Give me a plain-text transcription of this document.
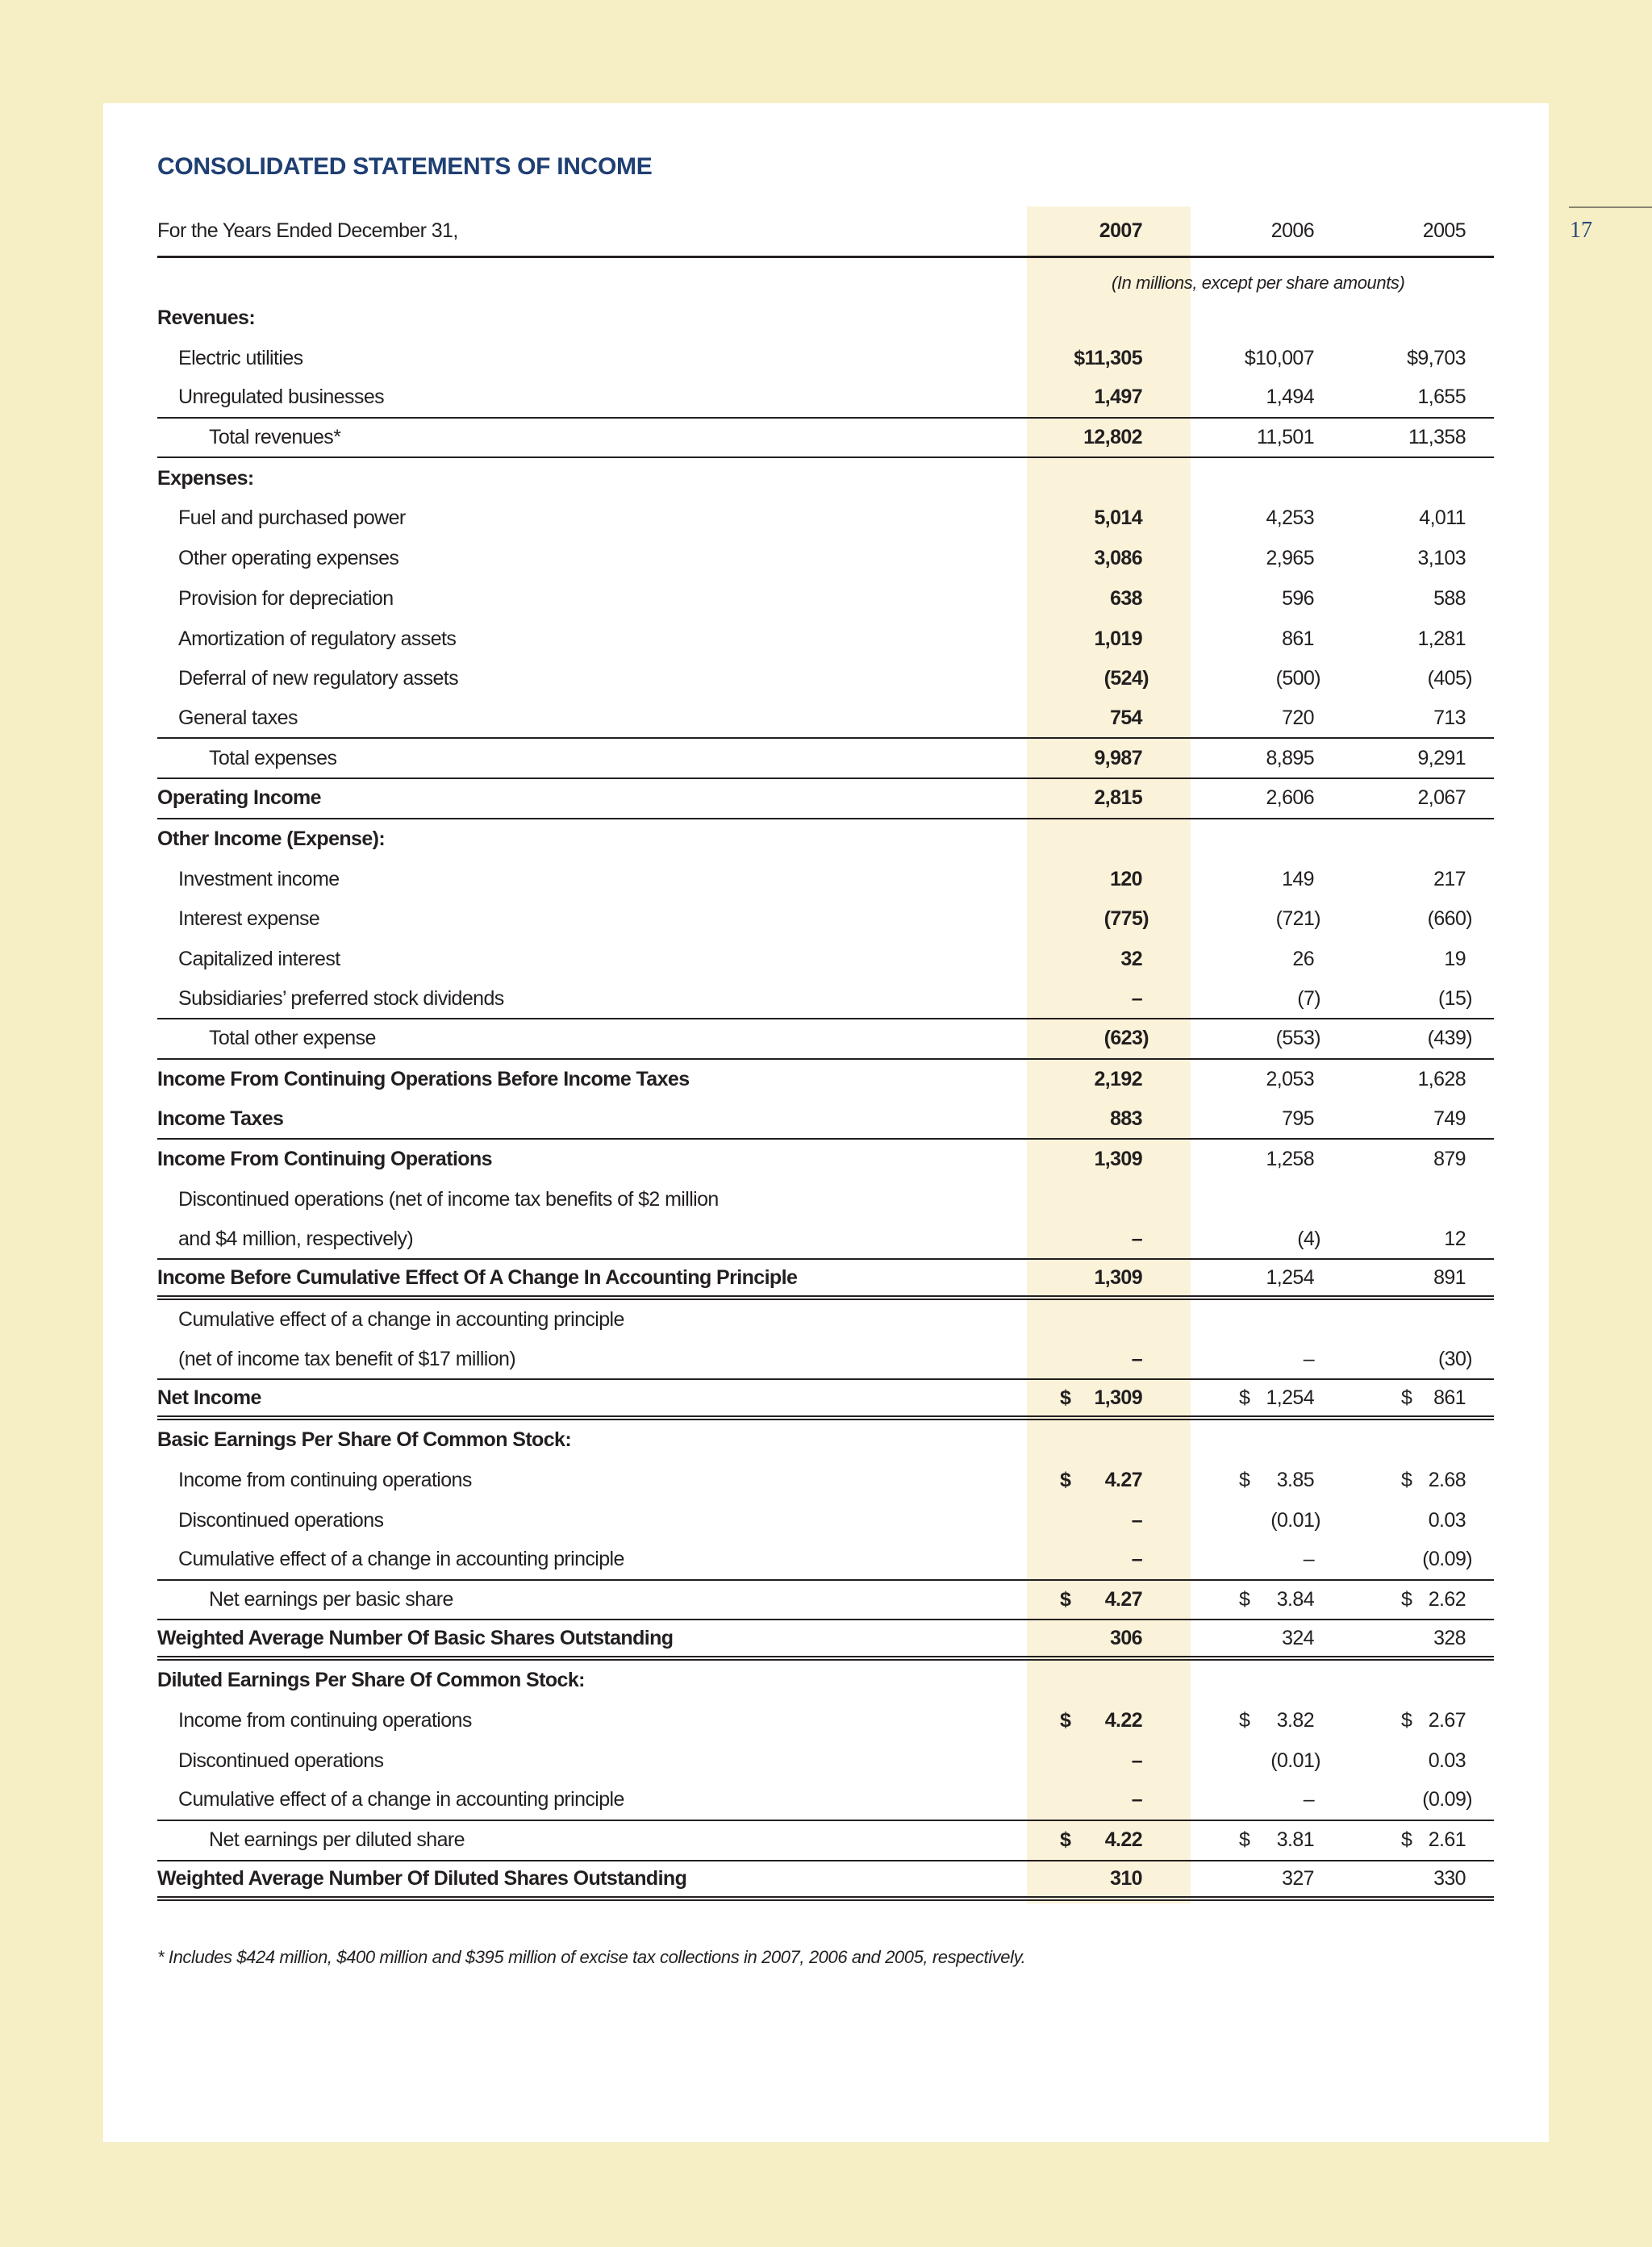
CONSOLIDATED STATEMENTS OF INCOME
17
For the Years Ended December 31,	2007	2006	2005
(In millions, except per share amounts)
Revenues:
Electric utilities	$11,305	$10,007	$9,703
Unregulated businesses	1,497	1,494	1,655
Total revenues*	12,802	11,501	11,358
Expenses:
Fuel and purchased power	5,014	4,253	4,011
Other operating expenses	3,086	2,965	3,103
Provision for depreciation	638	596	588
Amortization of regulatory assets	1,019	861	1,281
Deferral of new regulatory assets	(524)	(500)	(405)
General taxes	754	720	713
Total expenses	9,987	8,895	9,291
Operating Income	2,815	2,606	2,067
Other Income (Expense):
Investment income	120	149	217
Interest expense	(775)	(721)	(660)
Capitalized interest	32	26	19
Subsidiaries’ preferred stock dividends	–	(7)	(15)
Total other expense	(623)	(553)	(439)
Income From Continuing Operations Before Income Taxes	2,192	2,053	1,628
Income Taxes	883	795	749
Income From Continuing Operations	1,309	1,258	879
Discontinued operations (net of income tax benefits of $2 million
and $4 million, respectively)	–	(4)	12
Income Before Cumulative Effect Of A Change In Accounting Principle	1,309	1,254	891
Cumulative effect of a change in accounting principle
(net of income tax benefit of $17 million)	–	–	(30)
Net Income	$ 1,309	$ 1,254	$ 861
Basic Earnings Per Share Of Common Stock:
Income from continuing operations	$ 4.27	$ 3.85	$ 2.68
Discontinued operations	–	(0.01)	0.03
Cumulative effect of a change in accounting principle	–	–	(0.09)
Net earnings per basic share	$ 4.27	$ 3.84	$ 2.62
Weighted Average Number Of Basic Shares Outstanding	306	324	328
Diluted Earnings Per Share Of Common Stock:
Income from continuing operations	$ 4.22	$ 3.82	$ 2.67
Discontinued operations	–	(0.01)	0.03
Cumulative effect of a change in accounting principle	–	–	(0.09)
Net earnings per diluted share	$ 4.22	$ 3.81	$ 2.61
Weighted Average Number Of Diluted Shares Outstanding	310	327	330
* Includes $424 million, $400 million and $395 million of excise tax collections in 2007, 2006 and 2005, respectively.
